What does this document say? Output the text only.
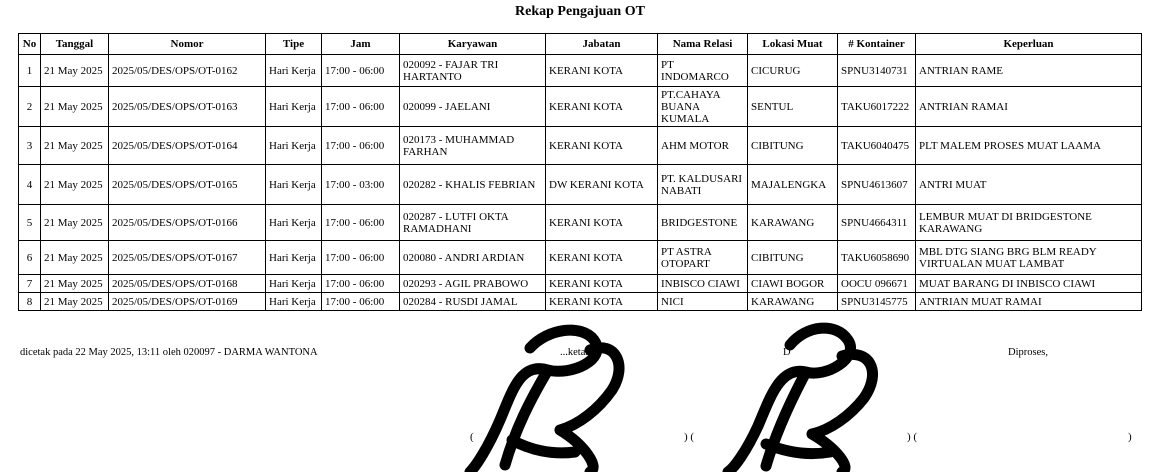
Rekap Pengajuan OT
No	Tanggal	Nomor	Tipe	Jam	Karyawan	Jabatan	Nama Relasi	Lokasi Muat	# Kontainer	Keperluan
1	21 May 2025	2025/05/DES/OPS/OT-0162	Hari Kerja	17:00 - 06:00	020092 - FAJAR TRI HARTANTO	KERANI KOTA	PT INDOMARCO	CICURUG	SPNU3140731	ANTRIAN RAME
2	21 May 2025	2025/05/DES/OPS/OT-0163	Hari Kerja	17:00 - 06:00	020099 - JAELANI	KERANI KOTA	PT.CAHAYA BUANA KUMALA	SENTUL	TAKU6017222	ANTRIAN RAMAI
3	21 May 2025	2025/05/DES/OPS/OT-0164	Hari Kerja	17:00 - 06:00	020173 - MUHAMMAD FARHAN	KERANI KOTA	AHM MOTOR	CIBITUNG	TAKU6040475	PLT MALEM PROSES MUAT LAAMA
4	21 May 2025	2025/05/DES/OPS/OT-0165	Hari Kerja	17:00 - 03:00	020282 - KHALIS FEBRIAN	DW KERANI KOTA	PT. KALDUSARI NABATI	MAJALENGKA	SPNU4613607	ANTRI MUAT
5	21 May 2025	2025/05/DES/OPS/OT-0166	Hari Kerja	17:00 - 06:00	020287 - LUTFI OKTA RAMADHANI	KERANI KOTA	BRIDGESTONE	KARAWANG	SPNU4664311	LEMBUR MUAT DI BRIDGESTONE KARAWANG
6	21 May 2025	2025/05/DES/OPS/OT-0167	Hari Kerja	17:00 - 06:00	020080 - ANDRI ARDIAN	KERANI KOTA	PT ASTRA OTOPART	CIBITUNG	TAKU6058690	MBL DTG SIANG BRG BLM READY VIRTUALAN MUAT LAMBAT
7	21 May 2025	2025/05/DES/OPS/OT-0168	Hari Kerja	17:00 - 06:00	020293 - AGIL PRABOWO	KERANI KOTA	INBISCO CIAWI	CIAWI BOGOR	OOCU 096671	MUAT BARANG DI INBISCO CIAWI
8	21 May 2025	2025/05/DES/OPS/OT-0169	Hari Kerja	17:00 - 06:00	020284 - RUSDI JAMAL	KERANI KOTA	NICI	KARAWANG	SPNU3145775	ANTRIAN MUAT RAMAI
dicetak pada 22 May 2025, 13:11 oleh 020097 - DARMA WANTONA	...ketahui,	D	Diproses,
(	) (	) (	)
